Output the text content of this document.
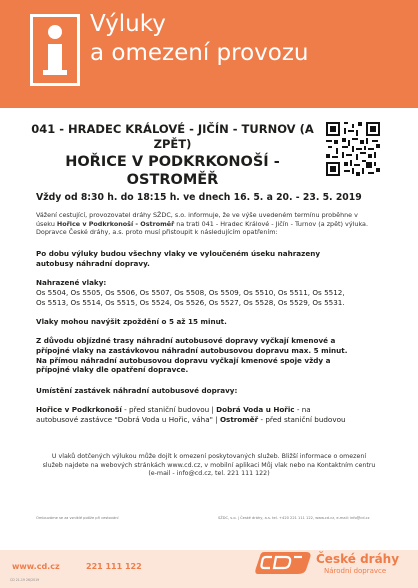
Výluky
a omezení provozu
041 - HRADEC KRÁLOVÉ - JIČÍN - TURNOV (A
ZPĚT)
HOŘICE V PODKRKONOŠÍ -
OSTROMĚŘ
Vždy od 8:30 h. do 18:15 h. ve dnech 16. 5. a 20. - 23. 5. 2019
Vážení cestující, provozovatel dráhy SŽDC, s.o. informuje, že ve výše uvedeném termínu proběhne v
úseku Hořice v Podkrkonoší - Ostroměř na trati 041 - Hradec Králové - Jičín - Turnov (a zpět) výluka.
Dopravce České dráhy, a.s. proto musí přistoupit k následujícím opatřením:
Po dobu výluky budou všechny vlaky ve vyloučeném úseku nahrazeny
autobusy náhradní dopravy.
Nahrazené vlaky:
Os 5504, Os 5505, Os 5506, Os 5507, Os 5508, Os 5509, Os 5510, Os 5511, Os 5512,
Os 5513, Os 5514, Os 5515, Os 5524, Os 5526, Os 5527, Os 5528, Os 5529, Os 5531.
Vlaky mohou navýšit zpoždění o 5 až 15 minut.
Z důvodu objízdné trasy náhradní autobusové dopravy vyčkají kmenové a
přípojné vlaky na zastávkovou náhradní autobusovou dopravu max. 5 minut.
Na přímou náhradní autobusovou dopravu vyčkají kmenové spoje vždy a
přípojné vlaky dle opatření dopravce.
Umístění zastávek náhradní autobusové dopravy:
Hořice v Podkrkonoší - před staniční budovou | Dobrá Voda u Hořic - na
autobusové zastávce "Dobrá Voda u Hořic, váha" | Ostroměř - před staniční budovou
U vlaků dotčených výlukou může dojít k omezení poskytovaných služeb. Bližší informace o omezení
služeb najdete na webových stránkách www.cd.cz, v mobilní aplikaci Můj vlak nebo na Kontaktním centru
(e-mail - info@cd.cz, tel. 221 111 122)
Omlouváme se za vzniklé potíže při cestování	SŽDC, s.o. | České dráhy, a.s. tel. +420 221 111 122, www.cd.cz, e-mail: info@cd.cz
www.cd.cz	221 111 122
CD 21-19 26/2019
České dráhy
Národní dopravce
